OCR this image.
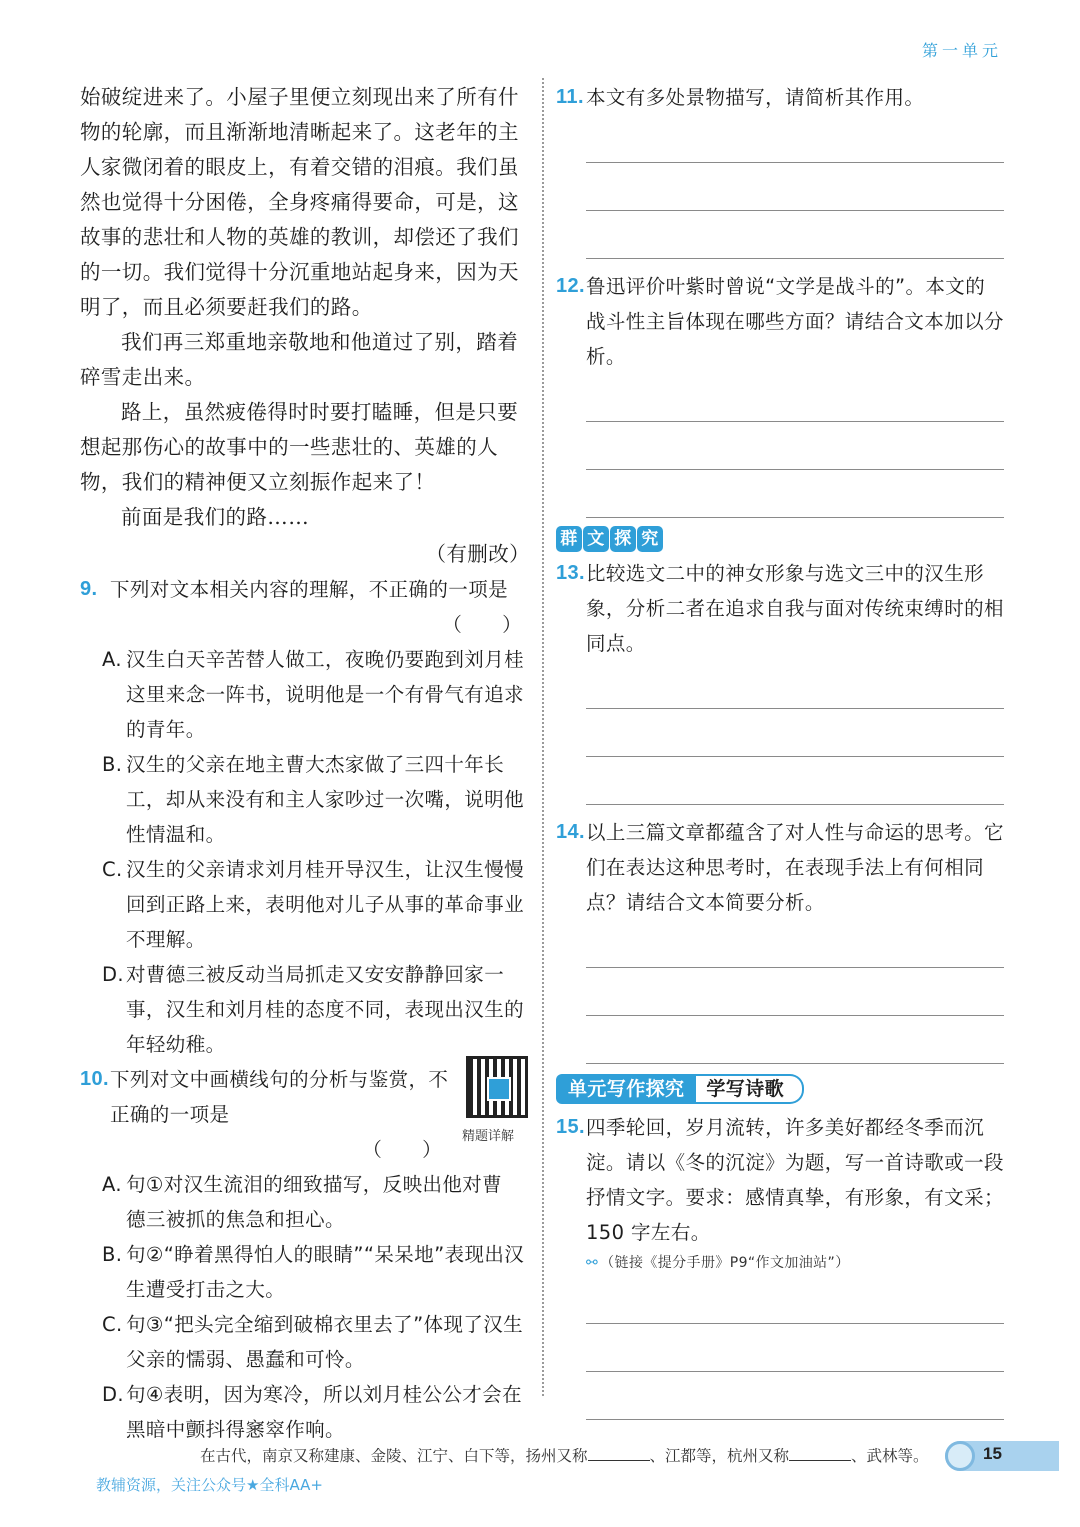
第一单元

始破绽进来了。小屋子里便立刻现出来了所有什物的轮廓，而且渐渐地清晰起来了。这老年的主人家微闭着的眼皮上，有着交错的泪痕。我们虽然也觉得十分困倦，全身疼痛得要命，可是，这故事的悲壮和人物的英雄的教训，却偿还了我们的一切。我们觉得十分沉重地站起身来，因为天明了，而且必须要赶我们的路。

我们再三郑重地亲敬地和他道过了别，踏着碎雪走出来。

路上，虽然疲倦得时时要打瞌睡，但是只要想起那伤心的故事中的一些悲壮的、英雄的人物，我们的精神便又立刻振作起来了！

前面是我们的路……

（有删改）

9. 下列对文本相关内容的理解，不正确的一项是
（　　）
A. 汉生白天辛苦替人做工，夜晚仍要跑到刘月桂这里来念一阵书，说明他是一个有骨气有追求的青年。
B. 汉生的父亲在地主曹大杰家做了三四十年长工，却从来没有和主人家吵过一次嘴，说明他性情温和。
C. 汉生的父亲请求刘月桂开导汉生，让汉生慢慢回到正路上来，表明他对儿子从事的革命事业不理解。
D. 对曹德三被反动当局抓走又安安静静回家一事，汉生和刘月桂的态度不同，表现出汉生的年轻幼稚。
10. 下列对文中画横线句的分析与鉴赏，不正确的一项是
（　　）
A. 句①对汉生流泪的细致描写，反映出他对曹德三被抓的焦急和担心。
B. 句②“睁着黑得怕人的眼睛”“呆呆地”表现出汉生遭受打击之大。
C. 句③“把头完全缩到破棉衣里去了”体现了汉生父亲的懦弱、愚蠢和可怜。
D. 句④表明，因为寒冷，所以刘月桂公公才会在黑暗中颤抖得窸窣作响。
精题详解
11. 本文有多处景物描写，请简析其作用。
12. 鲁迅评价叶紫时曾说“文学是战斗的”。本文的战斗性主旨体现在哪些方面？请结合文本加以分析。
群 文 探 究
13. 比较选文二中的神女形象与选文三中的汉生形象，分析二者在追求自我与面对传统束缚时的相同点。
14. 以上三篇文章都蕴含了对人性与命运的思考。它们在表达这种思考时，在表现手法上有何相同点？请结合文本简要分析。
单元写作探究	学写诗歌
15. 四季轮回，岁月流转，许多美好都经冬季而沉淀。请以《冬的沉淀》为题，写一首诗歌或一段抒情文字。要求：感情真挚，有形象，有文采；150 字左右。
⚯ （链接《提分手册》P9“作文加油站”）
在古代，南京又称建康、金陵、江宁、白下等，扬州又称	、江都等，杭州又称	、武林等。	15
教辅资源，关注公众号★全科AA+
